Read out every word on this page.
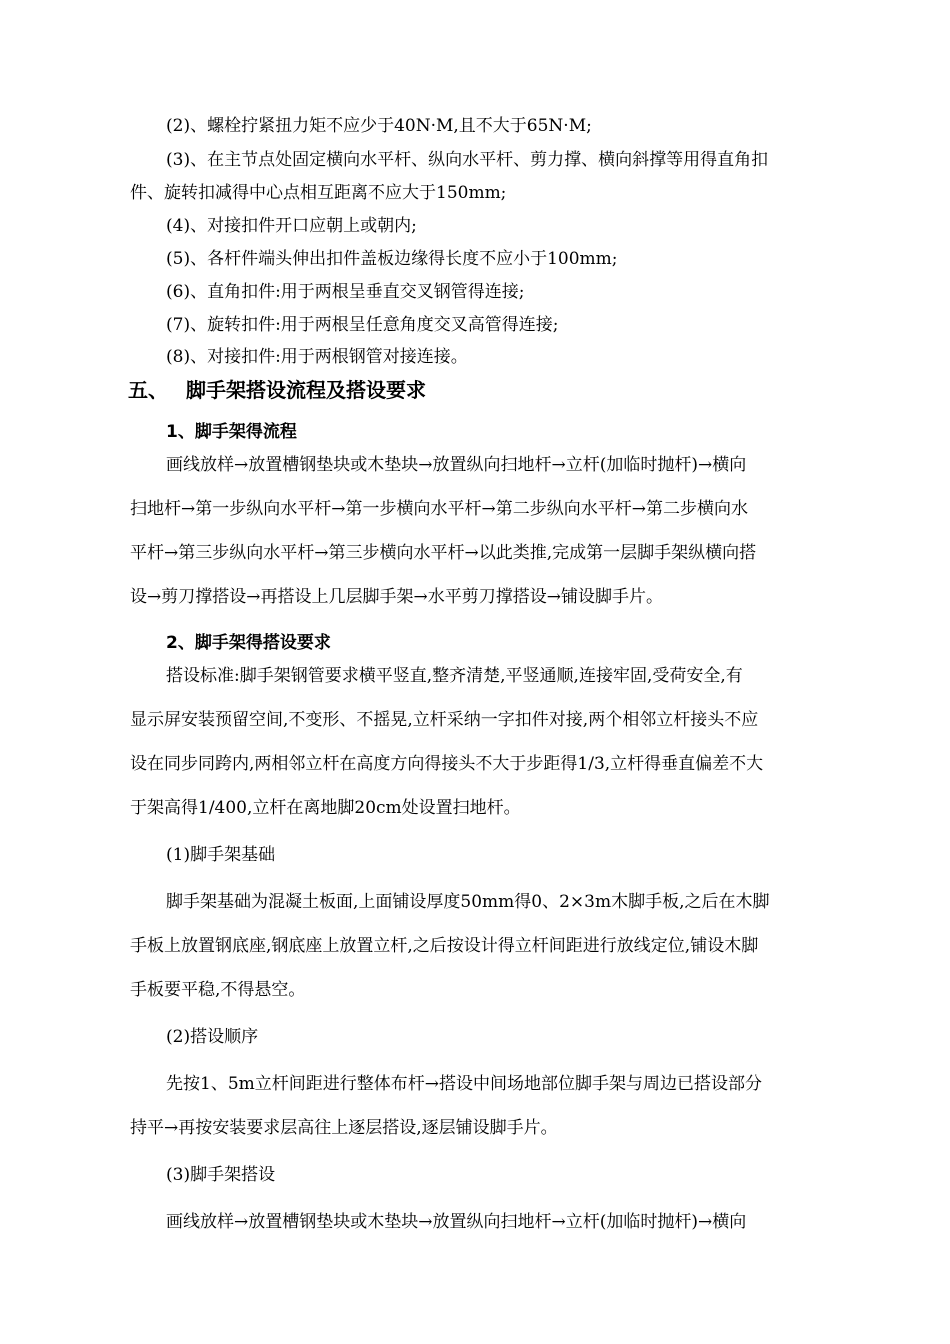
(2)、螺栓拧紧扭力矩不应少于40N·M,且不大于65N·M;
(3)、在主节点处固定横向水平杆、纵向水平杆、剪力撑、横向斜撑等用得直角扣
件、旋转扣减得中心点相互距离不应大于150mm;
(4)、对接扣件开口应朝上或朝内;
(5)、各杆件端头伸出扣件盖板边缘得长度不应小于100mm;
(6)、直角扣件:用于两根呈垂直交叉钢管得连接;
(7)、旋转扣件:用于两根呈任意角度交叉高管得连接;
(8)、对接扣件:用于两根钢管对接连接。
五、 脚手架搭设流程及搭设要求
1、脚手架得流程
画线放样→放置槽钢垫块或木垫块→放置纵向扫地杆→立杆(加临时抛杆)→横向
扫地杆→第一步纵向水平杆→第一步横向水平杆→第二步纵向水平杆→第二步横向水
平杆→第三步纵向水平杆→第三步横向水平杆→以此类推,完成第一层脚手架纵横向搭
设→剪刀撑搭设→再搭设上几层脚手架→水平剪刀撑搭设→铺设脚手片。
2、脚手架得搭设要求
搭设标准:脚手架钢管要求横平竖直,整齐清楚,平竖通顺,连接牢固,受荷安全,有
显示屏安装预留空间,不变形、不摇晃,立杆采纳一字扣件对接,两个相邻立杆接头不应
设在同步同跨内,两相邻立杆在高度方向得接头不大于步距得1/3,立杆得垂直偏差不大
于架高得1/400,立杆在离地脚20cm处设置扫地杆。
(1)脚手架基础
脚手架基础为混凝土板面,上面铺设厚度50mm得0、2×3m木脚手板,之后在木脚
手板上放置钢底座,钢底座上放置立杆,之后按设计得立杆间距进行放线定位,铺设木脚
手板要平稳,不得悬空。
(2)搭设顺序
先按1、5m立杆间距进行整体布杆→搭设中间场地部位脚手架与周边已搭设部分
持平→再按安装要求层高往上逐层搭设,逐层铺设脚手片。
(3)脚手架搭设
画线放样→放置槽钢垫块或木垫块→放置纵向扫地杆→立杆(加临时抛杆)→横向
